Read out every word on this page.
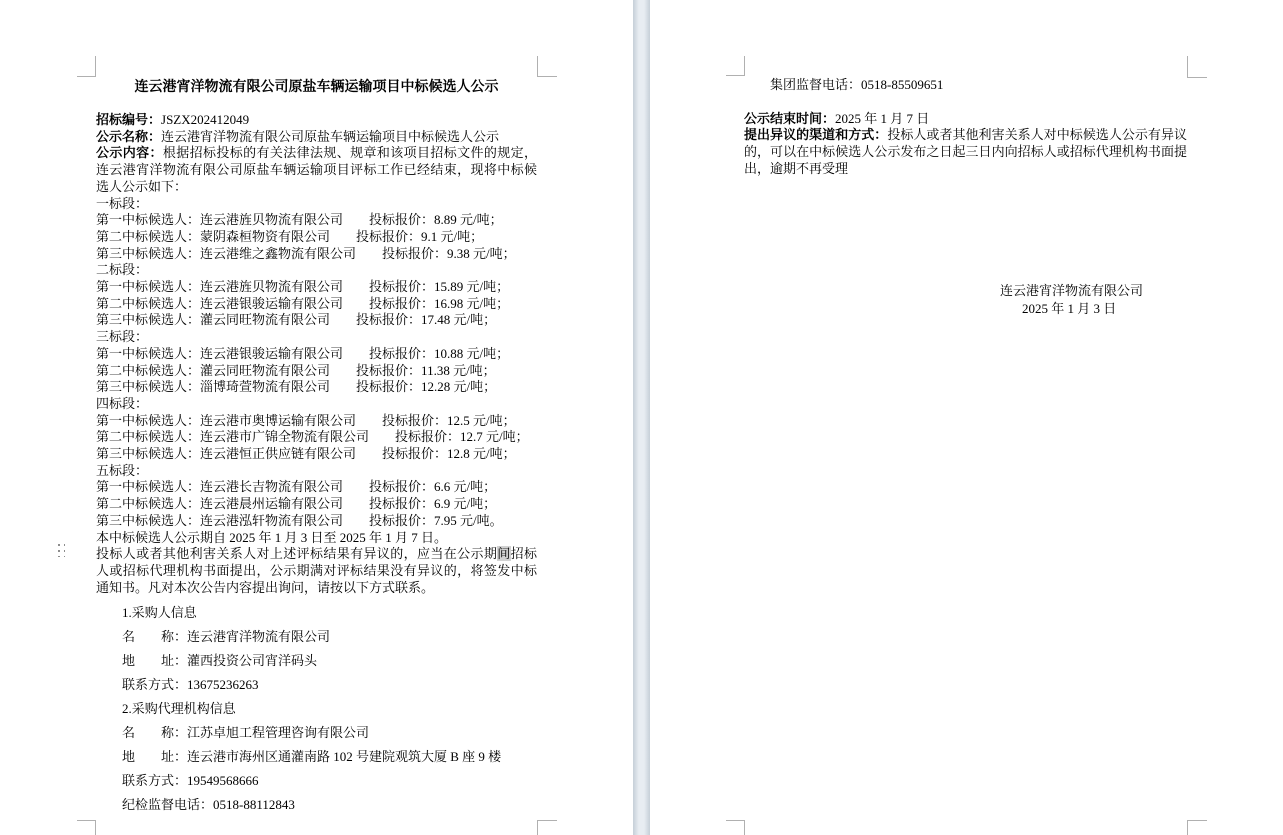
连云港宵洋物流有限公司原盐车辆运输项目中标候选人公示

招标编号：JSZX202412049

公示名称：连云港宵洋物流有限公司原盐车辆运输项目中标候选人公示

公示内容：根据招标投标的有关法律法规、规章和该项目招标文件的规定，连云港宵洋物流有限公司原盐车辆运输项目评标工作已经结束，现将中标候选人公示如下：

一标段：

第一中标候选人：连云港旌贝物流有限公司 投标报价：8.89 元/吨；

第二中标候选人：蒙阴森桓物资有限公司 投标报价：9.1 元/吨；

第三中标候选人：连云港维之鑫物流有限公司 投标报价：9.38 元/吨；

二标段：

第一中标候选人：连云港旌贝物流有限公司 投标报价：15.89 元/吨；

第二中标候选人：连云港银骏运输有限公司 投标报价：16.98 元/吨；

第三中标候选人：灌云同旺物流有限公司 投标报价：17.48 元/吨；

三标段：

第一中标候选人：连云港银骏运输有限公司 投标报价：10.88 元/吨；

第二中标候选人：灌云同旺物流有限公司 投标报价：11.38 元/吨；

第三中标候选人：淄博琦萱物流有限公司 投标报价：12.28 元/吨；

四标段：

第一中标候选人：连云港市奥博运输有限公司 投标报价：12.5 元/吨；

第二中标候选人：连云港市广锦全物流有限公司 投标报价：12.7 元/吨；

第三中标候选人：连云港恒正供应链有限公司 投标报价：12.8 元/吨；

五标段：

第一中标候选人：连云港长吉物流有限公司 投标报价：6.6 元/吨；

第二中标候选人：连云港晨州运输有限公司 投标报价：6.9 元/吨；

第三中标候选人：连云港泓轩物流有限公司 投标报价：7.95 元/吨。

本中标候选人公示期自 2025 年 1 月 3 日至 2025 年 1 月 7 日。

投标人或者其他利害关系人对上述评标结果有异议的，应当在公示期间招标人或招标代理机构书面提出，公示期满对评标结果没有异议的，将签发中标通知书。凡对本次公告内容提出询问，请按以下方式联系。

1.采购人信息

名　　称：连云港宵洋物流有限公司

地　　址：灌西投资公司宵洋码头

联系方式：13675236263

2.采购代理机构信息

名　　称：江苏卓旭工程管理咨询有限公司

地　　址：连云港市海州区通灌南路 102 号建院观筑大厦 B 座 9 楼

联系方式：19549568666

纪检监督电话：0518-88112843

集团监督电话：0518-85509651

公示结束时间：2025 年 1 月 7 日

提出异议的渠道和方式：投标人或者其他利害关系人对中标候选人公示有异议的，可以在中标候选人公示发布之日起三日内向招标人或招标代理机构书面提出，逾期不再受理

连云港宵洋物流有限公司
2025 年 1 月 3 日
